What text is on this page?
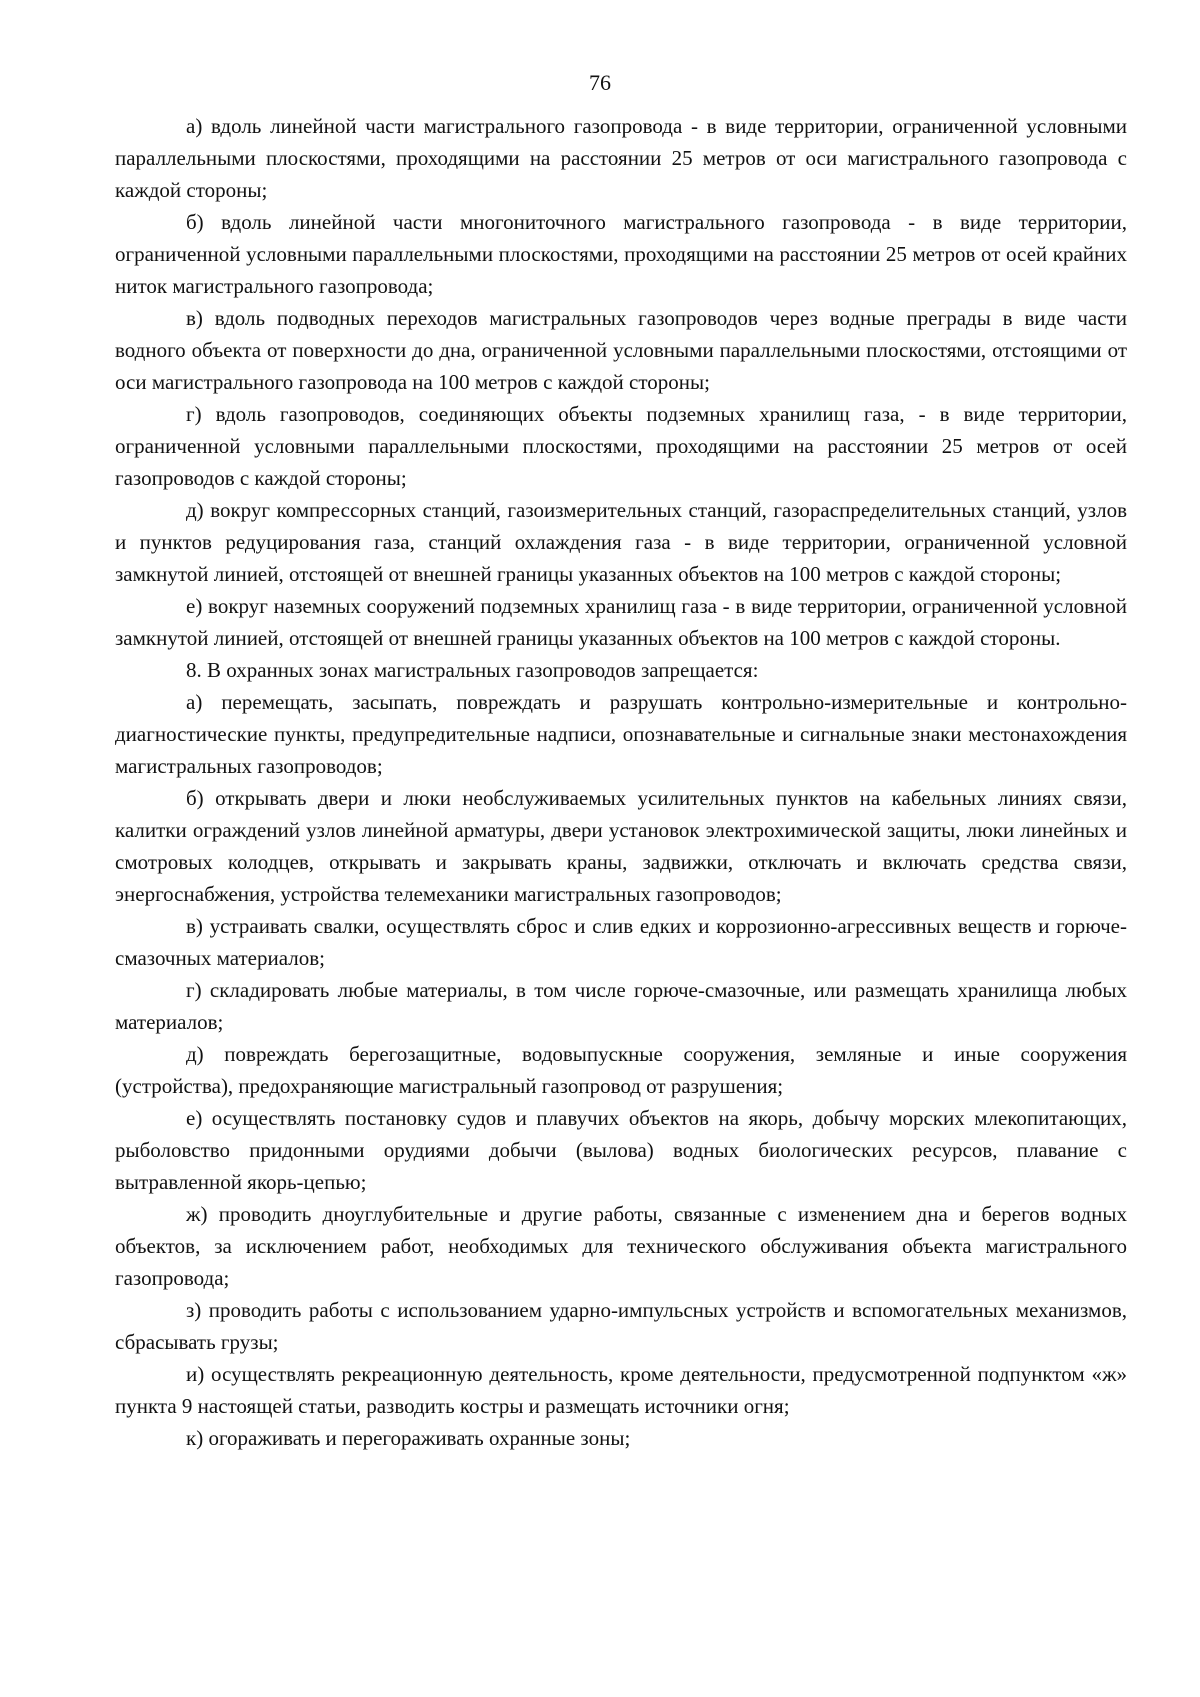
76

а) вдоль линейной части магистрального газопровода - в виде территории, ограниченной условными параллельными плоскостями, проходящими на расстоянии 25 метров от оси магистрального газопровода с каждой стороны;

б) вдоль линейной части многониточного магистрального газопровода - в виде территории, ограниченной условными параллельными плоскостями, проходящими на расстоянии 25 метров от осей крайних ниток магистрального газопровода;

в) вдоль подводных переходов магистральных газопроводов через водные преграды в виде части водного объекта от поверхности до дна, ограниченной условными параллельными плоскостями, отстоящими от оси магистрального газопровода на 100 метров с каждой стороны;

г) вдоль газопроводов, соединяющих объекты подземных хранилищ газа, - в виде территории, ограниченной условными параллельными плоскостями, проходящими на расстоянии 25 метров от осей газопроводов с каждой стороны;

д) вокруг компрессорных станций, газоизмерительных станций, газораспределительных станций, узлов и пунктов редуцирования газа, станций охлаждения газа - в виде территории, ограниченной условной замкнутой линией, отстоящей от внешней границы указанных объектов на 100 метров с каждой стороны;

е) вокруг наземных сооружений подземных хранилищ газа - в виде территории, ограниченной условной замкнутой линией, отстоящей от внешней границы указанных объектов на 100 метров с каждой стороны.

8. В охранных зонах магистральных газопроводов запрещается:

а) перемещать, засыпать, повреждать и разрушать контрольно-измерительные и контрольно-диагностические пункты, предупредительные надписи, опознавательные и сигнальные знаки местонахождения магистральных газопроводов;

б) открывать двери и люки необслуживаемых усилительных пунктов на кабельных линиях связи, калитки ограждений узлов линейной арматуры, двери установок электрохимической защиты, люки линейных и смотровых колодцев, открывать и закрывать краны, задвижки, отключать и включать средства связи, энергоснабжения, устройства телемеханики магистральных газопроводов;

в) устраивать свалки, осуществлять сброс и слив едких и коррозионно-агрессивных веществ и горюче-смазочных материалов;

г) складировать любые материалы, в том числе горюче-смазочные, или размещать хранилища любых материалов;

д) повреждать берегозащитные, водовыпускные сооружения, земляные и иные сооружения (устройства), предохраняющие магистральный газопровод от разрушения;

е) осуществлять постановку судов и плавучих объектов на якорь, добычу морских млекопитающих, рыболовство придонными орудиями добычи (вылова) водных биологических ресурсов, плавание с вытравленной якорь-цепью;

ж) проводить дноуглубительные и другие работы, связанные с изменением дна и берегов водных объектов, за исключением работ, необходимых для технического обслуживания объекта магистрального газопровода;

з) проводить работы с использованием ударно-импульсных устройств и вспомогательных механизмов, сбрасывать грузы;

и) осуществлять рекреационную деятельность, кроме деятельности, предусмотренной подпунктом «ж» пункта 9 настоящей статьи, разводить костры и размещать источники огня;

к) огораживать и перегораживать охранные зоны;
